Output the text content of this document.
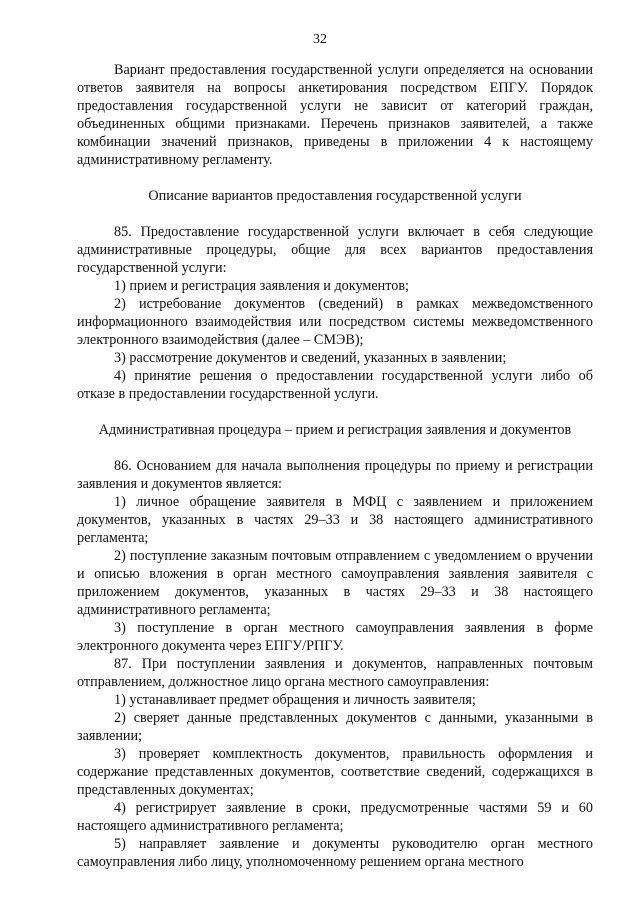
32

Вариант предоставления государственной услуги определяется на основании ответов заявителя на вопросы анкетирования посредством ЕПГУ. Порядок предоставления государственной услуги не зависит от категорий граждан, объединенных общими признаками. Перечень признаков заявителей, а также комбинации значений признаков, приведены в приложении 4 к настоящему административному регламенту.

Описание вариантов предоставления государственной услуги

85. Предоставление государственной услуги включает в себя следующие административные процедуры, общие для всех вариантов предоставления государственной услуги:

1) прием и регистрация заявления и документов;

2) истребование документов (сведений) в рамках межведомственного информационного взаимодействия или посредством системы межведомственного электронного взаимодействия (далее – СМЭВ);

3) рассмотрение документов и сведений, указанных в заявлении;

4) принятие решения о предоставлении государственной услуги либо об отказе в предоставлении государственной услуги.

Административная процедура – прием и регистрация заявления и документов

86. Основанием для начала выполнения процедуры по приему и регистрации заявления и документов является:

1) личное обращение заявителя в МФЦ с заявлением и приложением документов, указанных в частях 29–33 и 38 настоящего административного регламента;

2) поступление заказным почтовым отправлением с уведомлением о вручении и описью вложения в орган местного самоуправления заявления заявителя с приложением документов, указанных в частях 29–33 и 38 настоящего административного регламента;

3) поступление в орган местного самоуправления заявления в форме электронного документа через ЕПГУ/РПГУ.

87. При поступлении заявления и документов, направленных почтовым отправлением, должностное лицо органа местного самоуправления:

1) устанавливает предмет обращения и личность заявителя;

2) сверяет данные представленных документов с данными, указанными в заявлении;

3) проверяет комплектность документов, правильность оформления и содержание представленных документов, соответствие сведений, содержащихся в представленных документах;

4) регистрирует заявление в сроки, предусмотренные частями 59 и 60 настоящего административного регламента;

5) направляет заявление и документы руководителю орган местного самоуправления либо лицу, уполномоченному решением органа местного
